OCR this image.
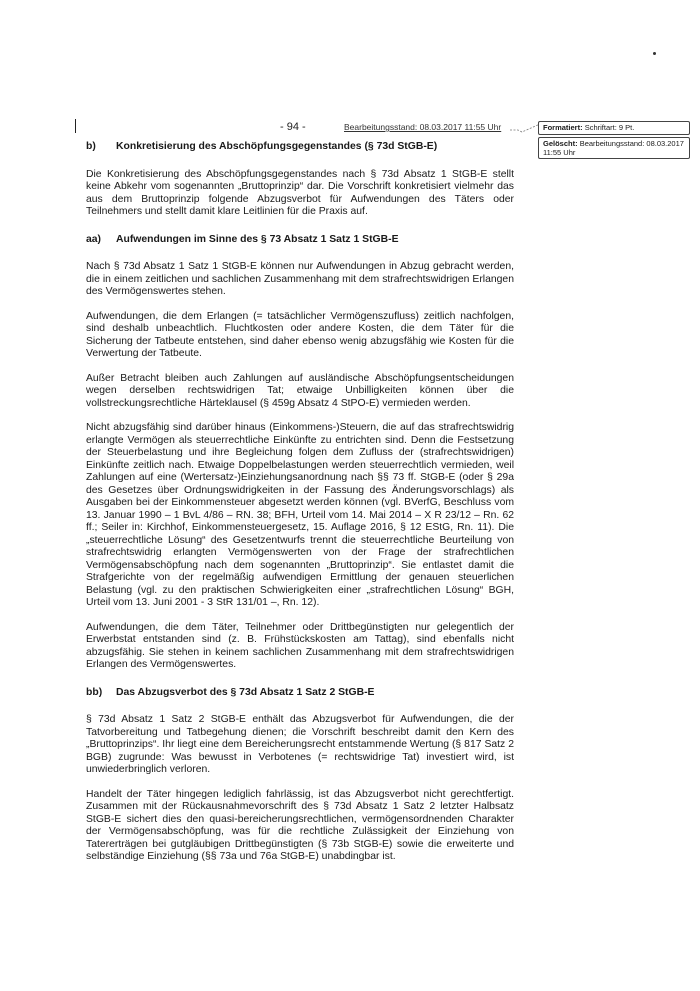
- 94 -	Bearbeitungsstand: 08.03.2017 11:55 Uhr	Formatiert: Schriftart: 9 Pt.
Gelöscht: Bearbeitungsstand: 08.03.2017 11:55 Uhr
b)	Konkretisierung des Abschöpfungsgegenstandes (§ 73d StGB-E)

Die Konkretisierung des Abschöpfungsgegenstandes nach § 73d Absatz 1 StGB-E stellt keine Abkehr vom sogenannten „Bruttoprinzip“ dar. Die Vorschrift konkretisiert vielmehr das aus dem Bruttoprinzip folgende Abzugsverbot für Aufwendungen des Täters oder Teilnehmers und stellt damit klare Leitlinien für die Praxis auf.

aa)	Aufwendungen im Sinne des § 73 Absatz 1 Satz 1 StGB-E

Nach § 73d Absatz 1 Satz 1 StGB-E können nur Aufwendungen in Abzug gebracht werden, die in einem zeitlichen und sachlichen Zusammenhang mit dem strafrechtswidrigen Erlangen des Vermögenswertes stehen.

Aufwendungen, die dem Erlangen (= tatsächlicher Vermögenszufluss) zeitlich nachfolgen, sind deshalb unbeachtlich. Fluchtkosten oder andere Kosten, die dem Täter für die Sicherung der Tatbeute entstehen, sind daher ebenso wenig abzugsfähig wie Kosten für die Verwertung der Tatbeute.

Außer Betracht bleiben auch Zahlungen auf ausländische Abschöpfungsentscheidungen wegen derselben rechtswidrigen Tat; etwaige Unbilligkeiten können über die vollstreckungsrechtliche Härteklausel (§ 459g Absatz 4 StPO-E) vermieden werden.

Nicht abzugsfähig sind darüber hinaus (Einkommens-)Steuern, die auf das strafrechtswidrig erlangte Vermögen als steuerrechtliche Einkünfte zu entrichten sind. Denn die Festsetzung der Steuerbelastung und ihre Begleichung folgen dem Zufluss der (strafrechtswidrigen) Einkünfte zeitlich nach. Etwaige Doppelbelastungen werden steuerrechtlich vermieden, weil Zahlungen auf eine (Wertersatz-)Einziehungsanordnung nach §§ 73 ff. StGB-E (oder § 29a des Gesetzes über Ordnungswidrigkeiten in der Fassung des Änderungsvorschlags) als Ausgaben bei der Einkommensteuer abgesetzt werden können (vgl. BVerfG, Beschluss vom 13. Januar 1990 – 1 BvL 4/86 – RN. 38; BFH, Urteil vom 14. Mai 2014 – X R 23/12 – Rn. 62 ff.; Seiler in: Kirchhof, Einkommensteuergesetz, 15. Auflage 2016, § 12 EStG, Rn. 11). Die „steuerrechtliche Lösung“ des Gesetzentwurfs trennt die steuerrechtliche Beurteilung von strafrechtswidrig erlangten Vermögenswerten von der Frage der strafrechtlichen Vermögensabschöpfung nach dem sogenannten „Bruttoprinzip“. Sie entlastet damit die Strafgerichte von der regelmäßig aufwendigen Ermittlung der genauen steuerlichen Belastung (vgl. zu den praktischen Schwierigkeiten einer „strafrechtlichen Lösung“ BGH, Urteil vom 13. Juni 2001 - 3 StR 131/01 –, Rn. 12).

Aufwendungen, die dem Täter, Teilnehmer oder Drittbegünstigten nur gelegentlich der Erwerbstat entstanden sind (z. B. Frühstückskosten am Tattag), sind ebenfalls nicht abzugsfähig. Sie stehen in keinem sachlichen Zusammenhang mit dem strafrechtswidrigen Erlangen des Vermögenswertes.

bb)	Das Abzugsverbot des § 73d Absatz 1 Satz 2 StGB-E

§ 73d Absatz 1 Satz 2 StGB-E enthält das Abzugsverbot für Aufwendungen, die der Tatvorbereitung und Tatbegehung dienen; die Vorschrift beschreibt damit den Kern des „Bruttoprinzips“. Ihr liegt eine dem Bereicherungsrecht entstammende Wertung (§ 817 Satz 2 BGB) zugrunde: Was bewusst in Verbotenes (= rechtswidrige Tat) investiert wird, ist unwiederbringlich verloren.

Handelt der Täter hingegen lediglich fahrlässig, ist das Abzugsverbot nicht gerechtfertigt. Zusammen mit der Rückausnahmevorschrift des § 73d Absatz 1 Satz 2 letzter Halbsatz StGB-E sichert dies den quasi-bereicherungsrechtlichen, vermögensordnenden Charakter der Vermögensabschöpfung, was für die rechtliche Zulässigkeit der Einziehung von Tatererträgen bei gutgläubigen Drittbegünstigten (§ 73b StGB-E) sowie die erweiterte und selbständige Einziehung (§§ 73a und 76a StGB-E) unabdingbar ist.
